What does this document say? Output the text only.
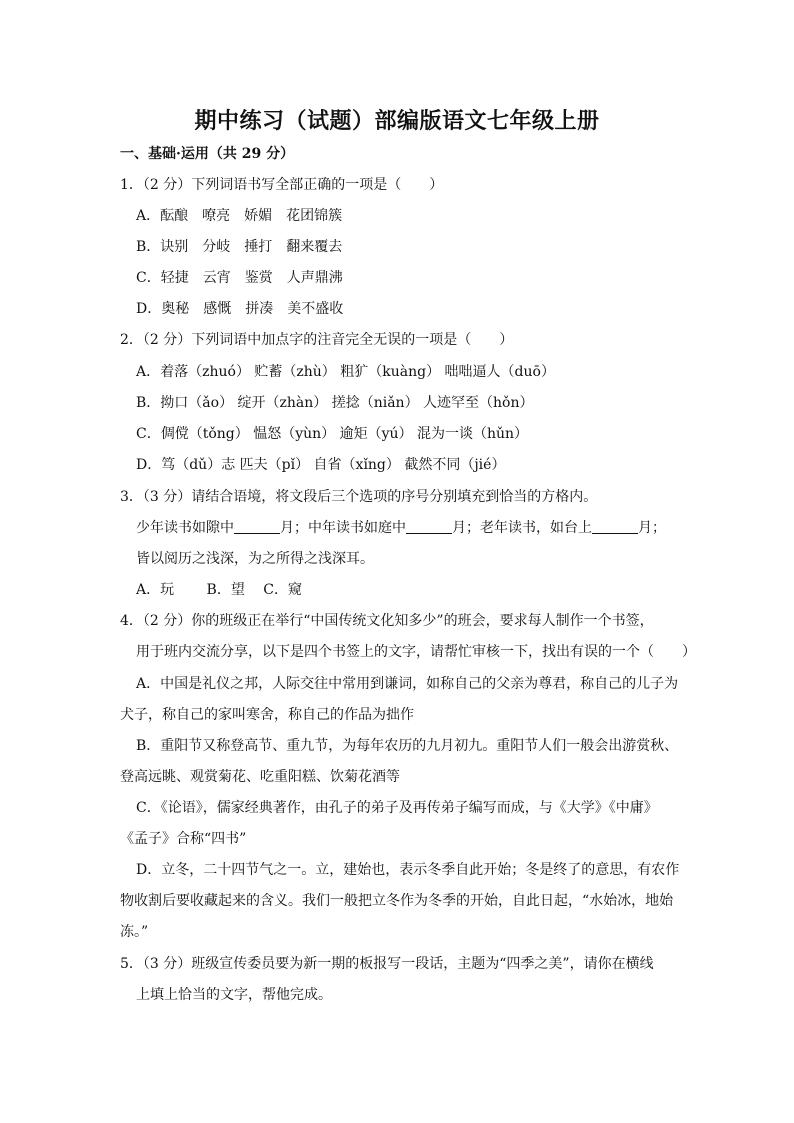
期中练习（试题）部编版语文七年级上册
一、基础·运用（共 29 分）
1．（2 分）下列词语书写全部正确的一项是（　　）
A．酝酿　嘹亮　娇媚　花团锦簇
B．诀别　分岐　捶打　翻来覆去
C．轻捷　云宵　鉴赏　人声鼎沸
D．奥秘　感慨　拼凑　美不盛收
2．（2 分）下列词语中加点字的注音完全无误的一项是（　　）
A．着落（zhuó） 贮蓄（zhù） 粗犷（kuàng） 咄咄逼人（duō）
B．拗口（ǎo） 绽开（zhàn） 搓捻（niǎn） 人迹罕至（hǒn）
C．倜傥（tǒng） 愠怒（yùn） 逾矩（yú） 混为一谈（hǔn）
D．笃（dǔ）志 匹夫（pǐ） 自省（xǐng） 截然不同（jié）
3．（3 分）请结合语境，将文段后三个选项的序号分别填充到恰当的方格内。
少年读书如隙中	月；中年读书如庭中	月；老年读书，如台上	月；
皆以阅历之浅深，为之所得之浅深耳。
A．玩　　 B．望　 C．窥
4．（2 分）你的班级正在举行“中国传统文化知多少”的班会，要求每人制作一个书签，
用于班内交流分享，以下是四个书签上的文字，请帮忙审核一下，找出有误的一个（　　）
A．中国是礼仪之邦，人际交往中常用到谦词，如称自己的父亲为尊君，称自己的儿子为
犬子，称自己的家叫寒舍，称自己的作品为拙作
B．重阳节又称登高节、重九节，为每年农历的九月初九。重阳节人们一般会出游赏秋、
登高远眺、观赏菊花、吃重阳糕、饮菊花酒等
C．《论语》，儒家经典著作，由孔子的弟子及再传弟子编写而成，与《大学》《中庸》
《孟子》合称“四书”
D．立冬，二十四节气之一。立，建始也，表示冬季自此开始；冬是终了的意思，有农作
物收割后要收藏起来的含义。我们一般把立冬作为冬季的开始，自此日起，“水始冰，地始
冻。”
5．（3 分）班级宣传委员要为新一期的板报写一段话，主题为“四季之美”，请你在横线
上填上恰当的文字，帮他完成。
